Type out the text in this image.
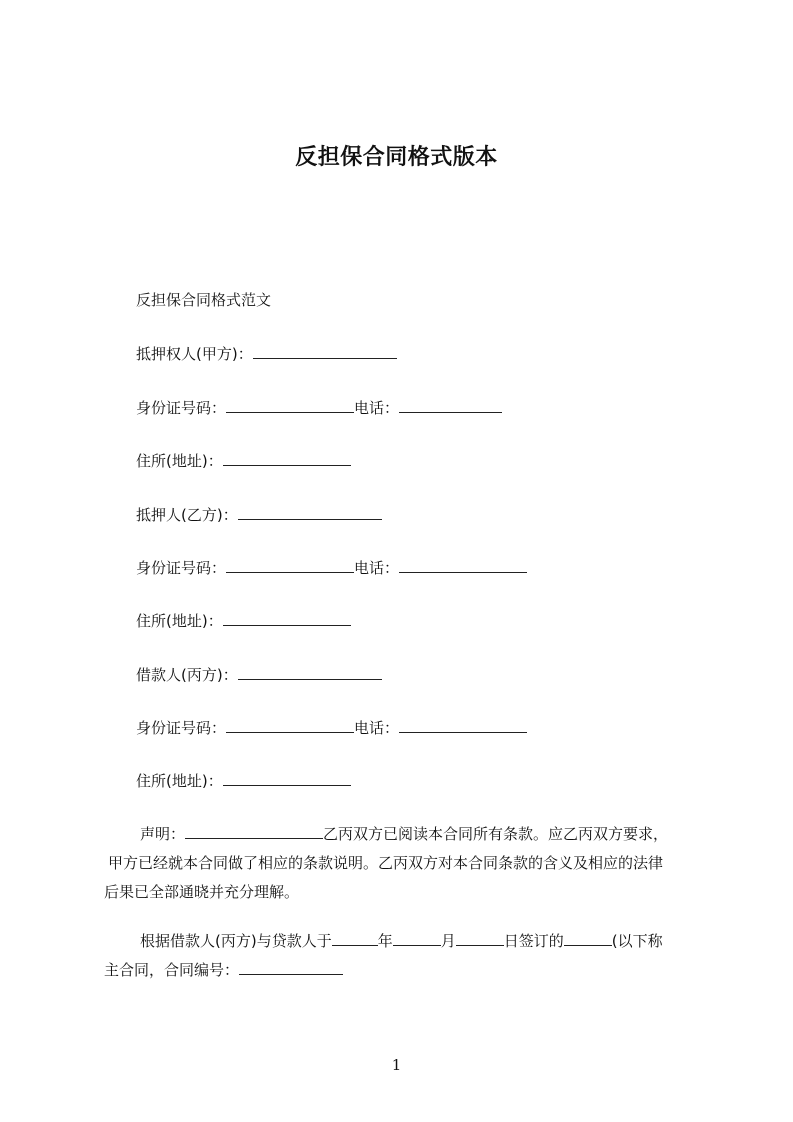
反担保合同格式版本
反担保合同格式范文
抵押权人(甲方)：
身份证号码：	电话：
住所(地址)：
抵押人(乙方)：
身份证号码：	电话：
住所(地址)：
借款人(丙方)：
身份证号码：	电话：
住所(地址)：
声明：	乙丙双方已阅读本合同所有条款。应乙丙双方要求，
甲方已经就本合同做了相应的条款说明。乙丙双方对本合同条款的含义及相应的法律
后果已全部通晓并充分理解。
根据借款人(丙方)与贷款人于	年	月	日签订的	(以下称
主合同，合同编号：
1
